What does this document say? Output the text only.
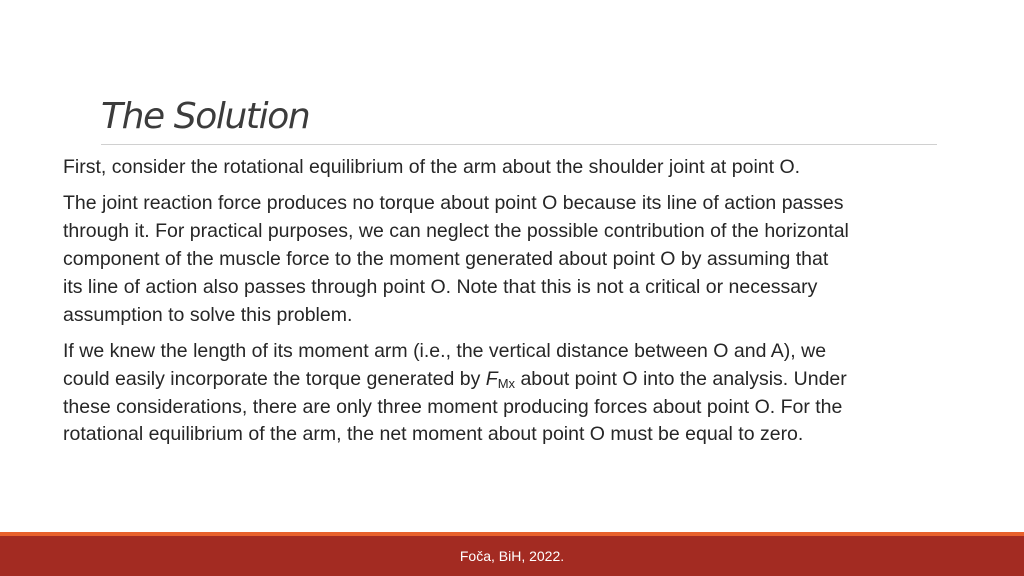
The Solution

First, consider the rotational equilibrium of the arm about the shoulder joint at point O.

The joint reaction force produces no torque about point O because its line of action passes
through it. For practical purposes, we can neglect the possible contribution of the horizontal
component of the muscle force to the moment generated about point O by assuming that
its line of action also passes through point O. Note that this is not a critical or necessary
assumption to solve this problem.

If we knew the length of its moment arm (i.e., the vertical distance between O and A), we
could easily incorporate the torque generated by $F_{Mx}$ about point O into the analysis. Under
these considerations, there are only three moment producing forces about point O. For the
rotational equilibrium of the arm, the net moment about point O must be equal to zero.

Foča, BiH, 2022.
